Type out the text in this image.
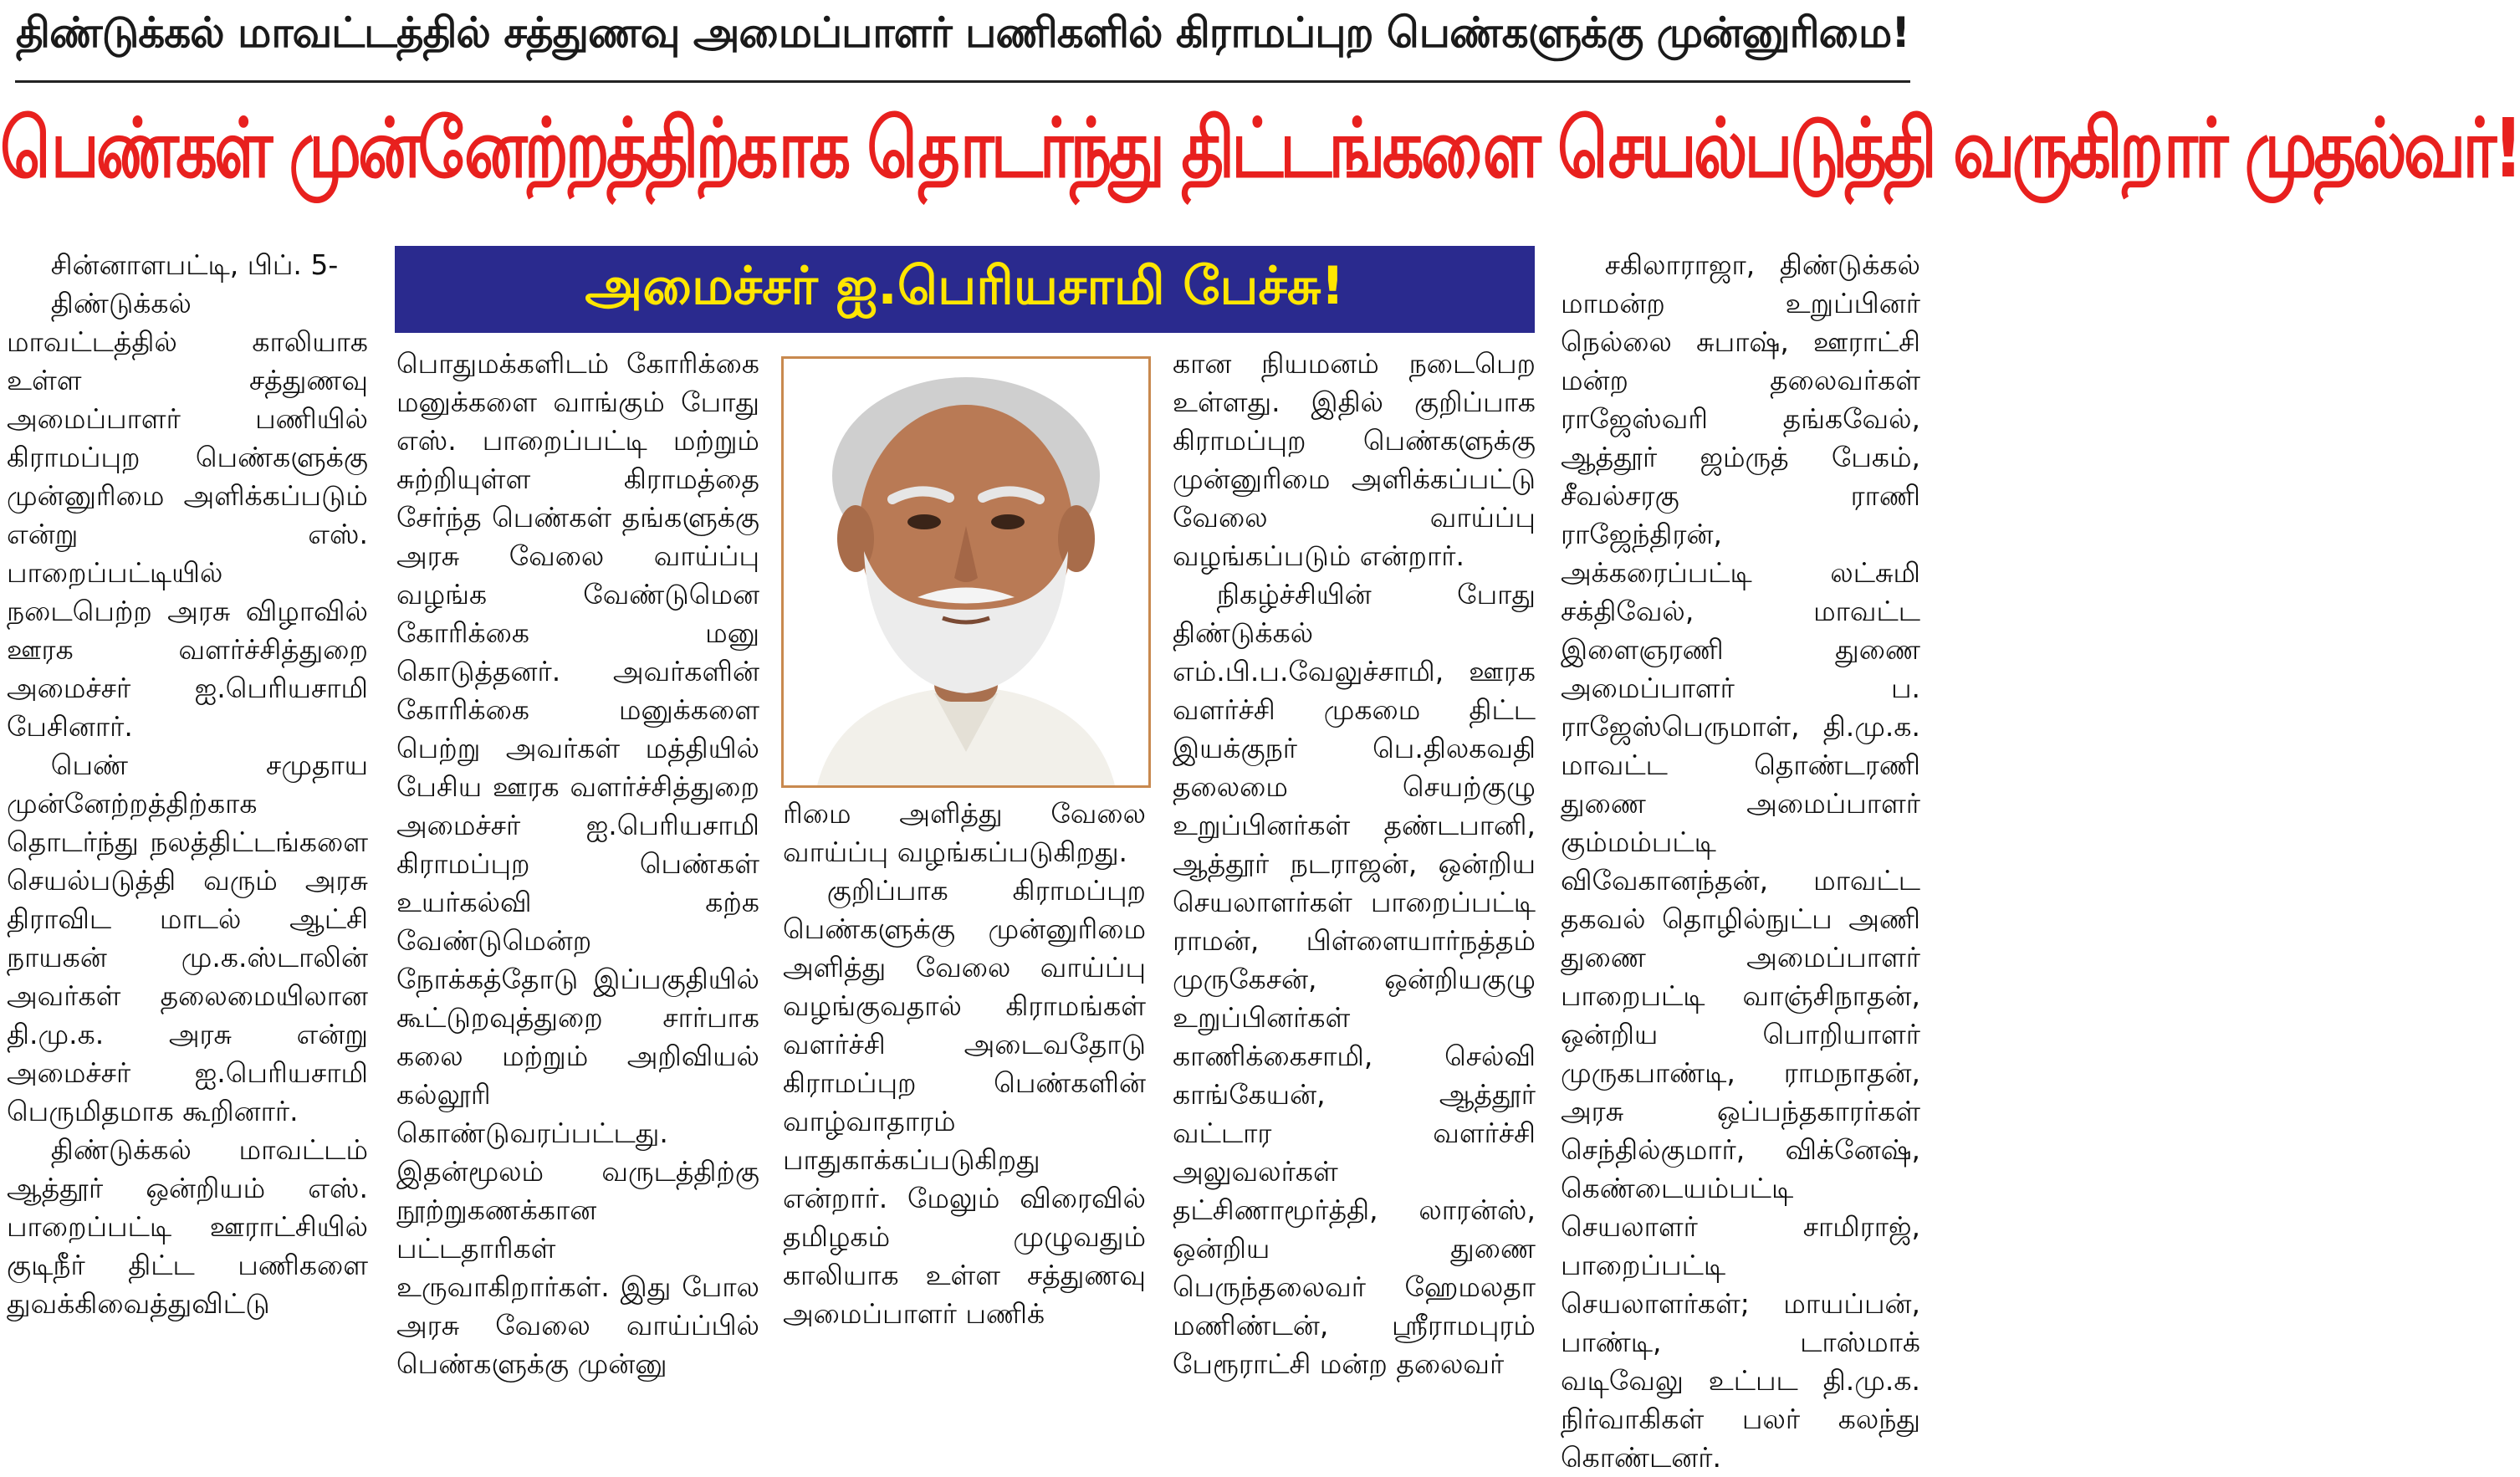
திண்டுக்கல் மாவட்டத்தில் சத்துணவு அமைப்பாளர் பணிகளில் கிராமப்புற பெண்களுக்கு முன்னுரிமை!
பெண்கள் முன்னேற்றத்திற்காக தொடர்ந்து திட்டங்களை செயல்படுத்தி வருகிறார் முதல்வர்!
அமைச்சர் ஐ.பெரியசாமி பேச்சு!

சின்னாளபட்டி, பிப். 5-

திண்டுக்கல் மாவட்டத்தில் காலியாக உள்ள சத்துணவு அமைப்பாளர் பணியில் கிராமப்புற பெண்களுக்கு முன்னுரிமை அளிக்கப்படும் என்று எஸ். பாறைப்பட்டியில் நடைபெற்ற அரசு விழாவில் ஊரக வளர்ச்சித்துறை அமைச்சர் ஐ.பெரியசாமி பேசினார்.

பெண் சமுதாய முன்னேற்றத்திற்காக தொடர்ந்து நலத்திட்டங்களை செயல்படுத்தி வரும் அரசு திராவிட மாடல் ஆட்சி நாயகன் மு.க.ஸ்டாலின் அவர்கள் தலைமையிலான தி.மு.க. அரசு என்று அமைச்சர் ஐ.பெரியசாமி பெருமிதமாக கூறினார்.

திண்டுக்கல் மாவட்டம் ஆத்தூர் ஒன்றியம் எஸ். பாறைப்பட்டி ஊராட்சியில் குடிநீர் திட்ட பணிகளை துவக்கிவைத்துவிட்டு

பொதுமக்களிடம் கோரிக்கை மனுக்களை வாங்கும் போது எஸ். பாறைப்பட்டி மற்றும் சுற்றியுள்ள கிராமத்தை சேர்ந்த பெண்கள் தங்களுக்கு அரசு வேலை வாய்ப்பு வழங்க வேண்டுமென கோரிக்கை மனு கொடுத்தனர். அவர்களின் கோரிக்கை மனுக்களை பெற்று அவர்கள் மத்தியில் பேசிய ஊரக வளர்ச்சித்துறை அமைச்சர் ஐ.பெரியசாமி கிராமப்புற பெண்கள் உயர்கல்வி கற்க வேண்டுமென்ற நோக்கத்தோடு இப்பகுதியில் கூட்டுறவுத்துறை சார்பாக கலை மற்றும் அறிவியல் கல்லூரி கொண்டுவரப்பட்டது. இதன்மூலம் வருடத்திற்கு நூற்றுகணக்கான பட்டதாரிகள் உருவாகிறார்கள். இது போல அரசு வேலை வாய்ப்பில் பெண்களுக்கு முன்னு

ரிமை அளித்து வேலை வாய்ப்பு வழங்கப்படுகிறது.

குறிப்பாக கிராமப்புற பெண்களுக்கு முன்னுரிமை அளித்து வேலை வாய்ப்பு வழங்குவதால் கிராமங்கள் வளர்ச்சி அடைவதோடு கிராமப்புற பெண்களின் வாழ்வாதாரம் பாதுகாக்கப்படுகிறது என்றார். மேலும் விரைவில் தமிழகம் முழுவதும் காலியாக உள்ள சத்துணவு அமைப்பாளர் பணிக்

கான நியமனம் நடைபெற உள்ளது. இதில் குறிப்பாக கிராமப்புற பெண்களுக்கு முன்னுரிமை அளிக்கப்பட்டு வேலை வாய்ப்பு வழங்கப்படும் என்றார்.

நிகழ்ச்சியின் போது திண்டுக்கல் எம்.பி.ப.வேலுச்சாமி, ஊரக வளர்ச்சி முகமை திட்ட இயக்குநர் பெ.திலகவதி தலைமை செயற்குழு உறுப்பினர்கள் தண்டபானி, ஆத்தூர் நடராஜன், ஒன்றிய செயலாளர்கள் பாறைப்பட்டி ராமன், பிள்ளையார்நத்தம் முருகேசன், ஒன்றியகுழு உறுப்பினர்கள் காணிக்கைசாமி, செல்வி காங்கேயன், ஆத்தூர் வட்டார வளர்ச்சி அலுவலர்கள் தட்சிணாமூர்த்தி, லாரன்ஸ், ஒன்றிய துணை பெருந்தலைவர் ஹேமலதா மணிண்டன், ஸ்ரீராமபுரம் பேரூராட்சி மன்ற தலைவர்

சகிலாராஜா, திண்டுக்கல் மாமன்ற உறுப்பினர் நெல்லை சுபாஷ், ஊராட்சி மன்ற தலைவர்கள் ராஜேஸ்வரி தங்கவேல், ஆத்தூர் ஜம்ருத் பேகம், சீவல்சரகு ராணி ராஜேந்திரன், அக்கரைப்பட்டி லட்சுமி சக்திவேல், மாவட்ட இளைஞரணி துணை அமைப்பாளர் ப. ராஜேஸ்பெருமாள், தி.மு.க. மாவட்ட தொண்டரணி துணை அமைப்பாளர் கும்மம்பட்டி விவேகானந்தன், மாவட்ட தகவல் தொழில்நுட்ப அணி துணை அமைப்பாளர் பாறைபட்டி வாஞ்சிநாதன், ஒன்றிய பொறியாளர் முருகபாண்டி, ராமநாதன், அரசு ஒப்பந்தகாரர்கள் செந்தில்குமார், விக்னேஷ், கெண்டையம்பட்டி செயலாளர் சாமிராஜ், பாறைப்பட்டி செயலாளர்கள்; மாயப்பன், பாண்டி, டாஸ்மாக் வடிவேலு உட்பட தி.மு.க. நிர்வாகிகள் பலர் கலந்து கொண்டனர்.
